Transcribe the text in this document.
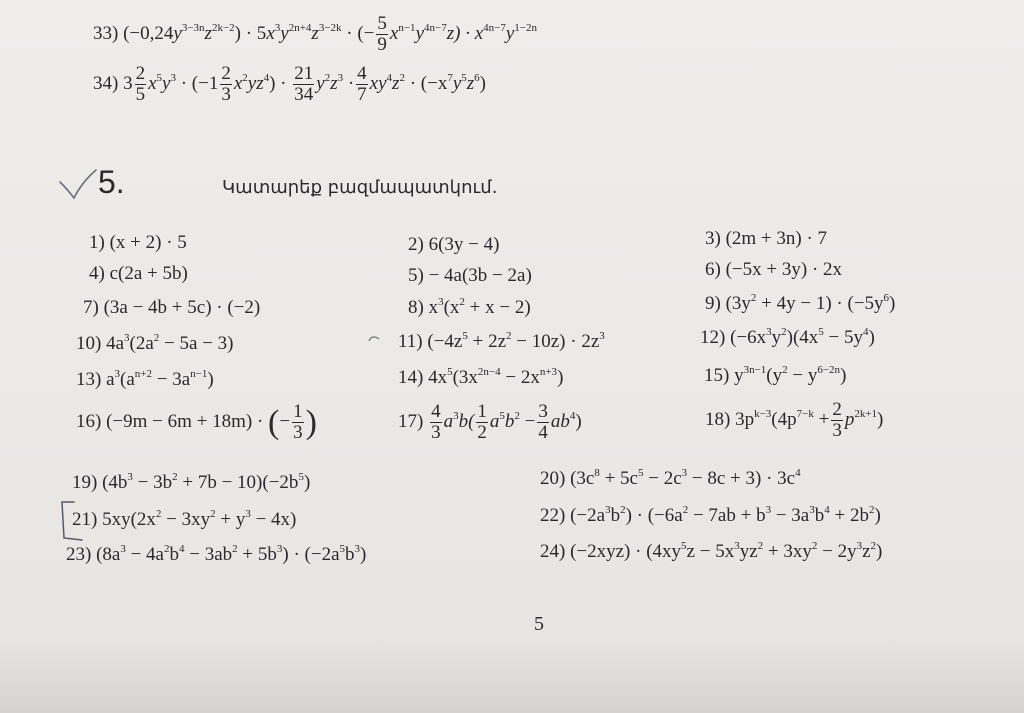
33) $(-0,24y^{3-3n}z^{2k-2}) \cdot 5x^3y^{2n+4}z^{3-2k}$ · (− $\frac{5}{9} x^{n-1}y^{4n-7}z) \cdot x^{4n-7}y^{1-2n}$
34) $3 \frac{2}{5} x^5y^3 \cdot (-1 \frac{2}{3} x^2yz^4) \cdot \frac{21}{34} y^2z^3 \cdot \frac{4}{7} xy^4z^2 \cdot (-x^7y^5z^6)$
5.	Կատարեք բազմապատկում.
1) (x + 2) · 5	2) 6(3y − 4)	3) (2m + 3n) · 7
4) c(2a + 5b)	5) − 4a(3b − 2a)	6) (−5x + 3y) · 2x
7) (3a − 4b + 5c) · (−2)	8) $x^3(x^2 + x - 2)$	9) $(3y^2 + 4y - 1) \cdot (-5y^6)$
10) $4a^3(2a^2 - 5a - 3)$	11) $(-4z^5 + 2z^2 - 10z) \cdot 2z^3$	12) $(-6x^3y^2)(4x^5 - 5y^4)$
13) $a^3(a^{n+2} - 3a^{n-1})$	14) $4x^5(3x^{2n-4} - 2x^{n+3})$	15) $y^{3n-1}(y^2 - y^{6-2n})$
16) (−9m − 6m + 18m) · (− $\frac{1}{3}$ )	$17) \frac{4}{3} a^3b( \frac{1}{2} a^5b^2 - \frac{3}{4} ab^4)$	18) $3p^{k-3}(4p^{7-k} + \frac{2}{3} p^{2k+1})$
19) $(4b^3 - 3b^2 + 7b - 10)(-2b^5)$	20) $(3c^8 + 5c^5 - 2c^3 - 8c + 3) \cdot 3c^4$
21) $5xy(2x^2 - 3xy^2 + y^3 - 4x)$	22) $(-2a^3b^2) \cdot (-6a^2 - 7ab + b^3 - 3a^3b^4 + 2b^2)$
23) $(8a^3 - 4a^2b^4 - 3ab^2 + 5b^3) \cdot (-2a^5b^3)$	24) $(-2xyz) \cdot (4xy^5z - 5x^3yz^2 + 3xy^2 - 2y^3z^2)$
5
